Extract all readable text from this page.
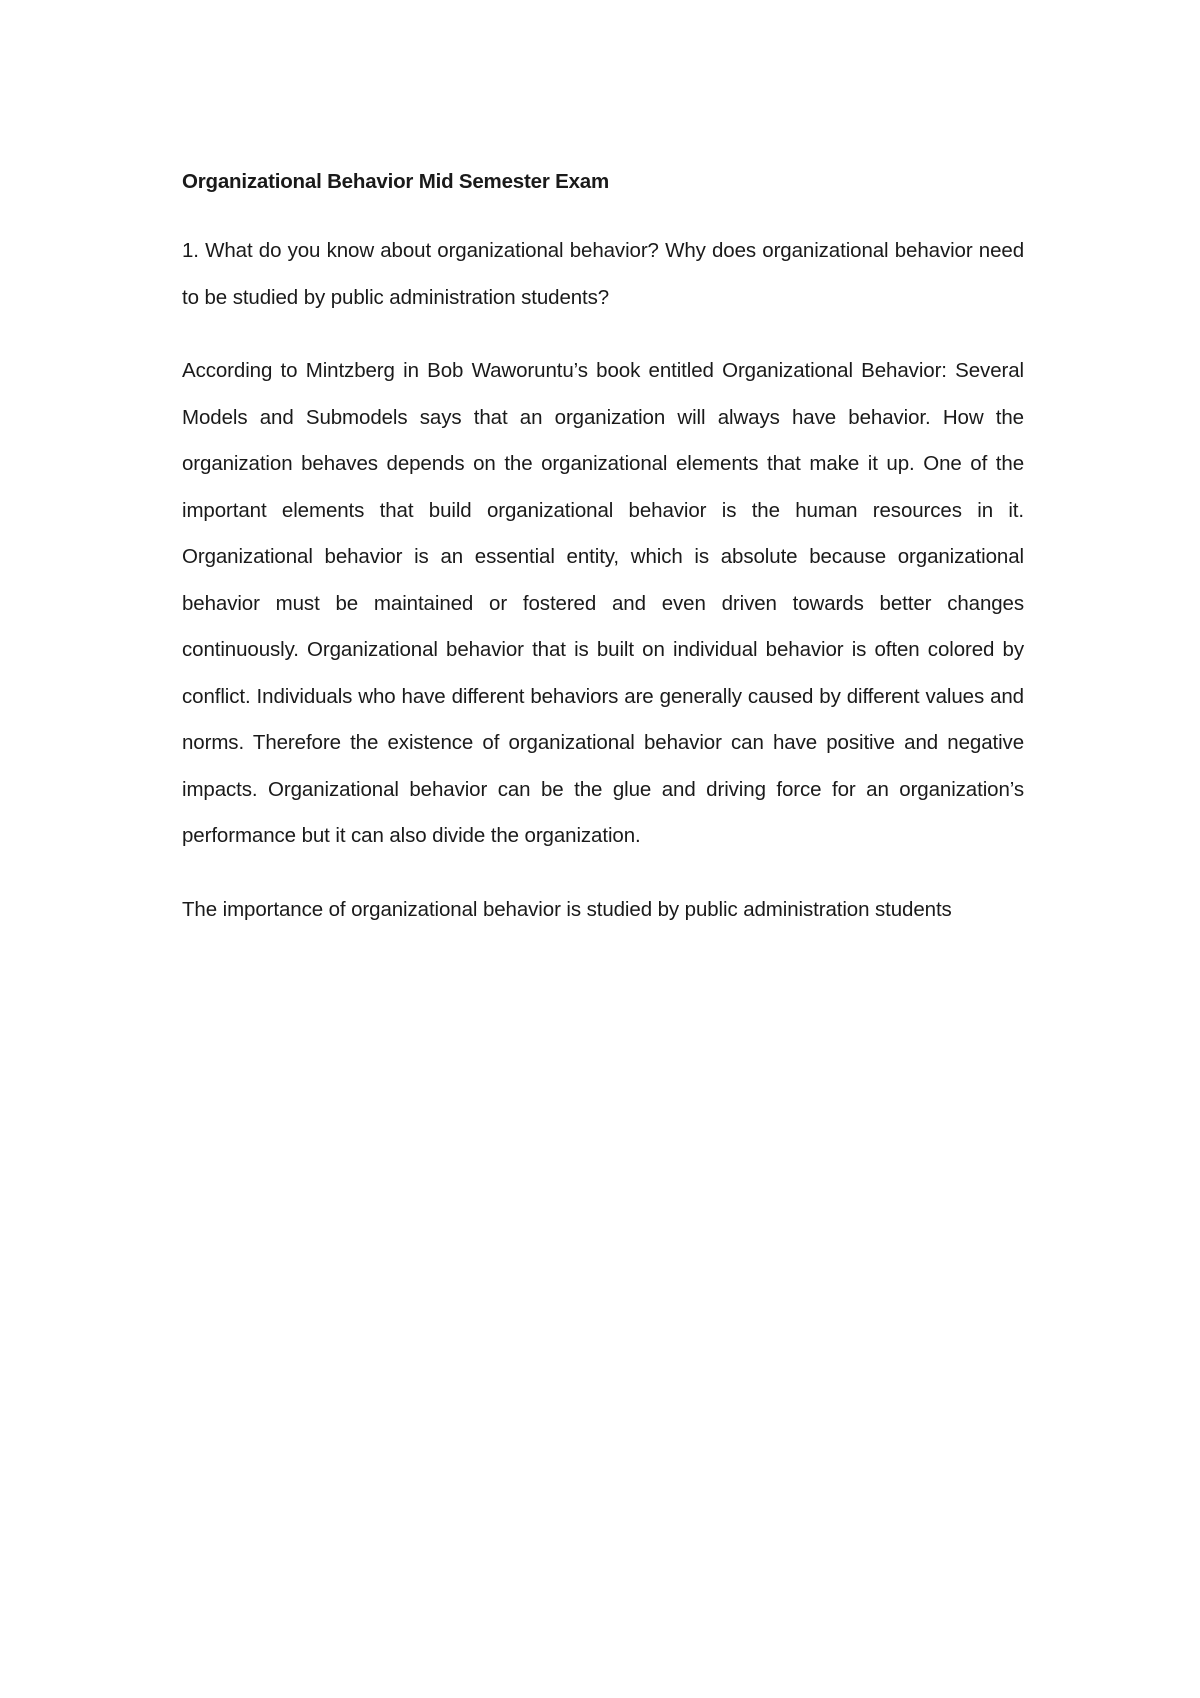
Organizational Behavior Mid Semester Exam

1. What do you know about organizational behavior? Why does organizational behavior need to be studied by public administration students?

According to Mintzberg in Bob Waworuntu’s book entitled Organizational Behavior: Several Models and Submodels says that an organization will always have behavior. How the organization behaves depends on the organizational elements that make it up. One of the important elements that build organizational behavior is the human resources in it. Organizational behavior is an essential entity, which is absolute because organizational behavior must be maintained or fostered and even driven towards better changes continuously. Organizational behavior that is built on individual behavior is often colored by conflict. Individuals who have different behaviors are generally caused by different values and norms. Therefore the existence of organizational behavior can have positive and negative impacts. Organizational behavior can be the glue and driving force for an organization’s performance but it can also divide the organization.

The importance of organizational behavior is studied by public administration students
